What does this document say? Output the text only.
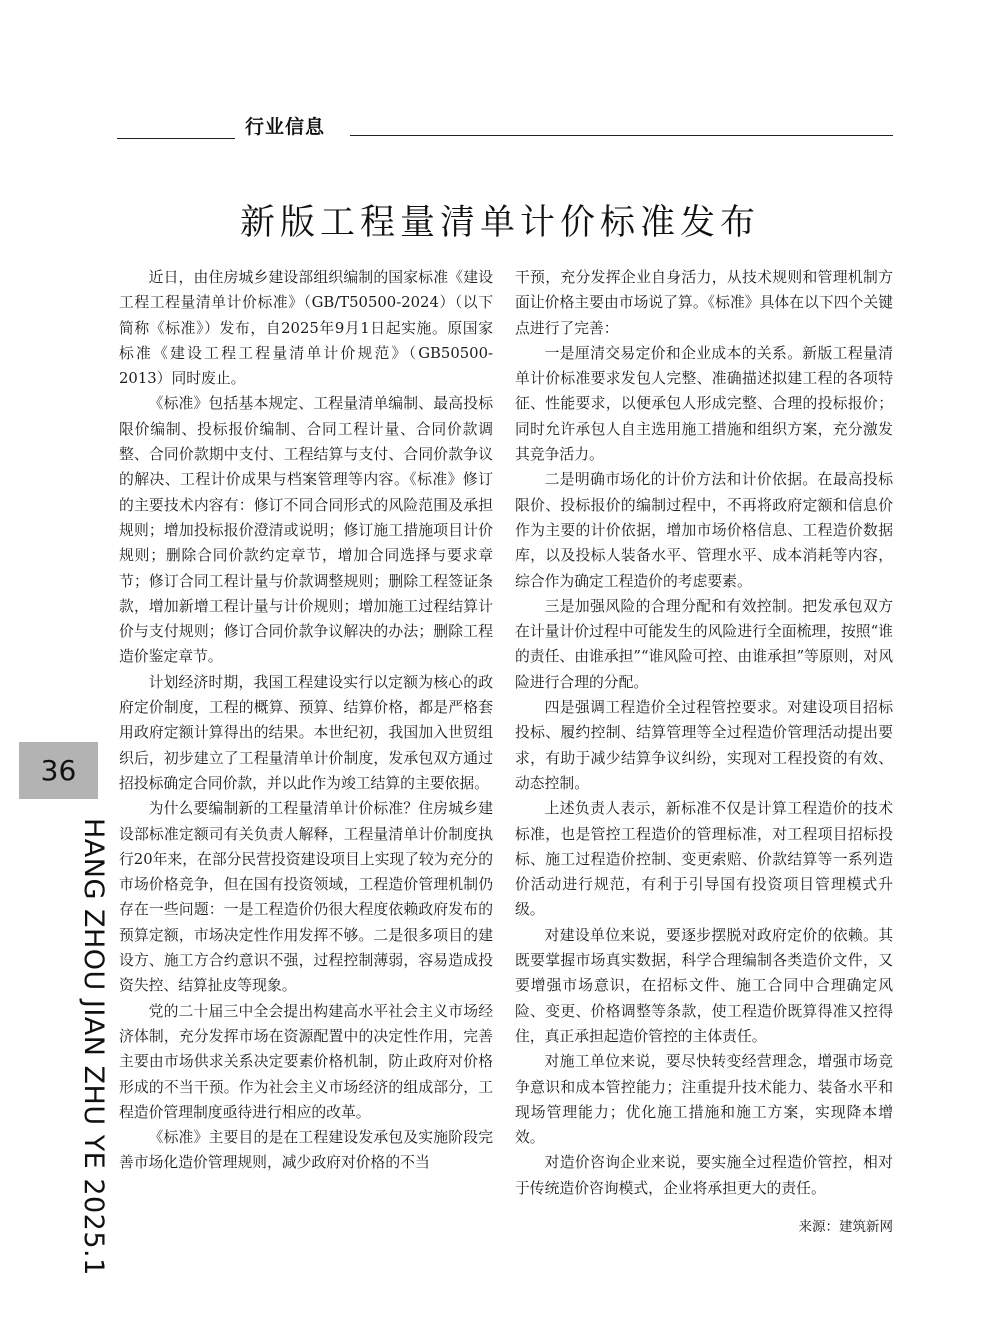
行业信息
新版工程量清单计价标准发布
36
HANG ZHOU JIAN ZHU YE 2025.1

近日，由住房城乡建设部组织编制的国家标准《建设工程工程量清单计价标准》（GB/T50500-2024）（以下简称《标准》）发布，自2025年9月1日起实施。原国家标准《建设工程工程量清单计价规范》（GB50500-2013）同时废止。

《标准》包括基本规定、工程量清单编制、最高投标限价编制、投标报价编制、合同工程计量、合同价款调整、合同价款期中支付、工程结算与支付、合同价款争议的解决、工程计价成果与档案管理等内容。《标准》修订的主要技术内容有：修订不同合同形式的风险范围及承担规则；增加投标报价澄清或说明；修订施工措施项目计价规则；删除合同价款约定章节，增加合同选择与要求章节；修订合同工程计量与价款调整规则；删除工程签证条款，增加新增工程计量与计价规则；增加施工过程结算计价与支付规则；修订合同价款争议解决的办法；删除工程造价鉴定章节。

计划经济时期，我国工程建设实行以定额为核心的政府定价制度，工程的概算、预算、结算价格，都是严格套用政府定额计算得出的结果。本世纪初，我国加入世贸组织后，初步建立了工程量清单计价制度，发承包双方通过招投标确定合同价款，并以此作为竣工结算的主要依据。

为什么要编制新的工程量清单计价标准？住房城乡建设部标准定额司有关负责人解释，工程量清单计价制度执行20年来，在部分民营投资建设项目上实现了较为充分的市场价格竞争，但在国有投资领域，工程造价管理机制仍存在一些问题：一是工程造价仍很大程度依赖政府发布的预算定额，市场决定性作用发挥不够。二是很多项目的建设方、施工方合约意识不强，过程控制薄弱，容易造成投资失控、结算扯皮等现象。

党的二十届三中全会提出构建高水平社会主义市场经济体制，充分发挥市场在资源配置中的决定性作用，完善主要由市场供求关系决定要素价格机制，防止政府对价格形成的不当干预。作为社会主义市场经济的组成部分，工程造价管理制度亟待进行相应的改革。

《标准》主要目的是在工程建设发承包及实施阶段完善市场化造价管理规则，减少政府对价格的不当

干预，充分发挥企业自身活力，从技术规则和管理机制方面让价格主要由市场说了算。《标准》具体在以下四个关键点进行了完善：

一是厘清交易定价和企业成本的关系。新版工程量清单计价标准要求发包人完整、准确描述拟建工程的各项特征、性能要求，以便承包人形成完整、合理的投标报价；同时允许承包人自主选用施工措施和组织方案，充分激发其竞争活力。

二是明确市场化的计价方法和计价依据。在最高投标限价、投标报价的编制过程中，不再将政府定额和信息价作为主要的计价依据，增加市场价格信息、工程造价数据库，以及投标人装备水平、管理水平、成本消耗等内容，综合作为确定工程造价的考虑要素。

三是加强风险的合理分配和有效控制。把发承包双方在计量计价过程中可能发生的风险进行全面梳理，按照“谁的责任、由谁承担”“谁风险可控、由谁承担”等原则，对风险进行合理的分配。

四是强调工程造价全过程管控要求。对建设项目招标投标、履约控制、结算管理等全过程造价管理活动提出要求，有助于减少结算争议纠纷，实现对工程投资的有效、动态控制。

上述负责人表示，新标准不仅是计算工程造价的技术标准，也是管控工程造价的管理标准，对工程项目招标投标、施工过程造价控制、变更索赔、价款结算等一系列造价活动进行规范，有利于引导国有投资项目管理模式升级。

对建设单位来说，要逐步摆脱对政府定价的依赖。其既要掌握市场真实数据，科学合理编制各类造价文件，又要增强市场意识，在招标文件、施工合同中合理确定风险、变更、价格调整等条款，使工程造价既算得准又控得住，真正承担起造价管控的主体责任。

对施工单位来说，要尽快转变经营理念，增强市场竞争意识和成本管控能力；注重提升技术能力、装备水平和现场管理能力；优化施工措施和施工方案，实现降本增效。

对造价咨询企业来说，要实施全过程造价管控，相对于传统造价咨询模式，企业将承担更大的责任。

来源：建筑新网
